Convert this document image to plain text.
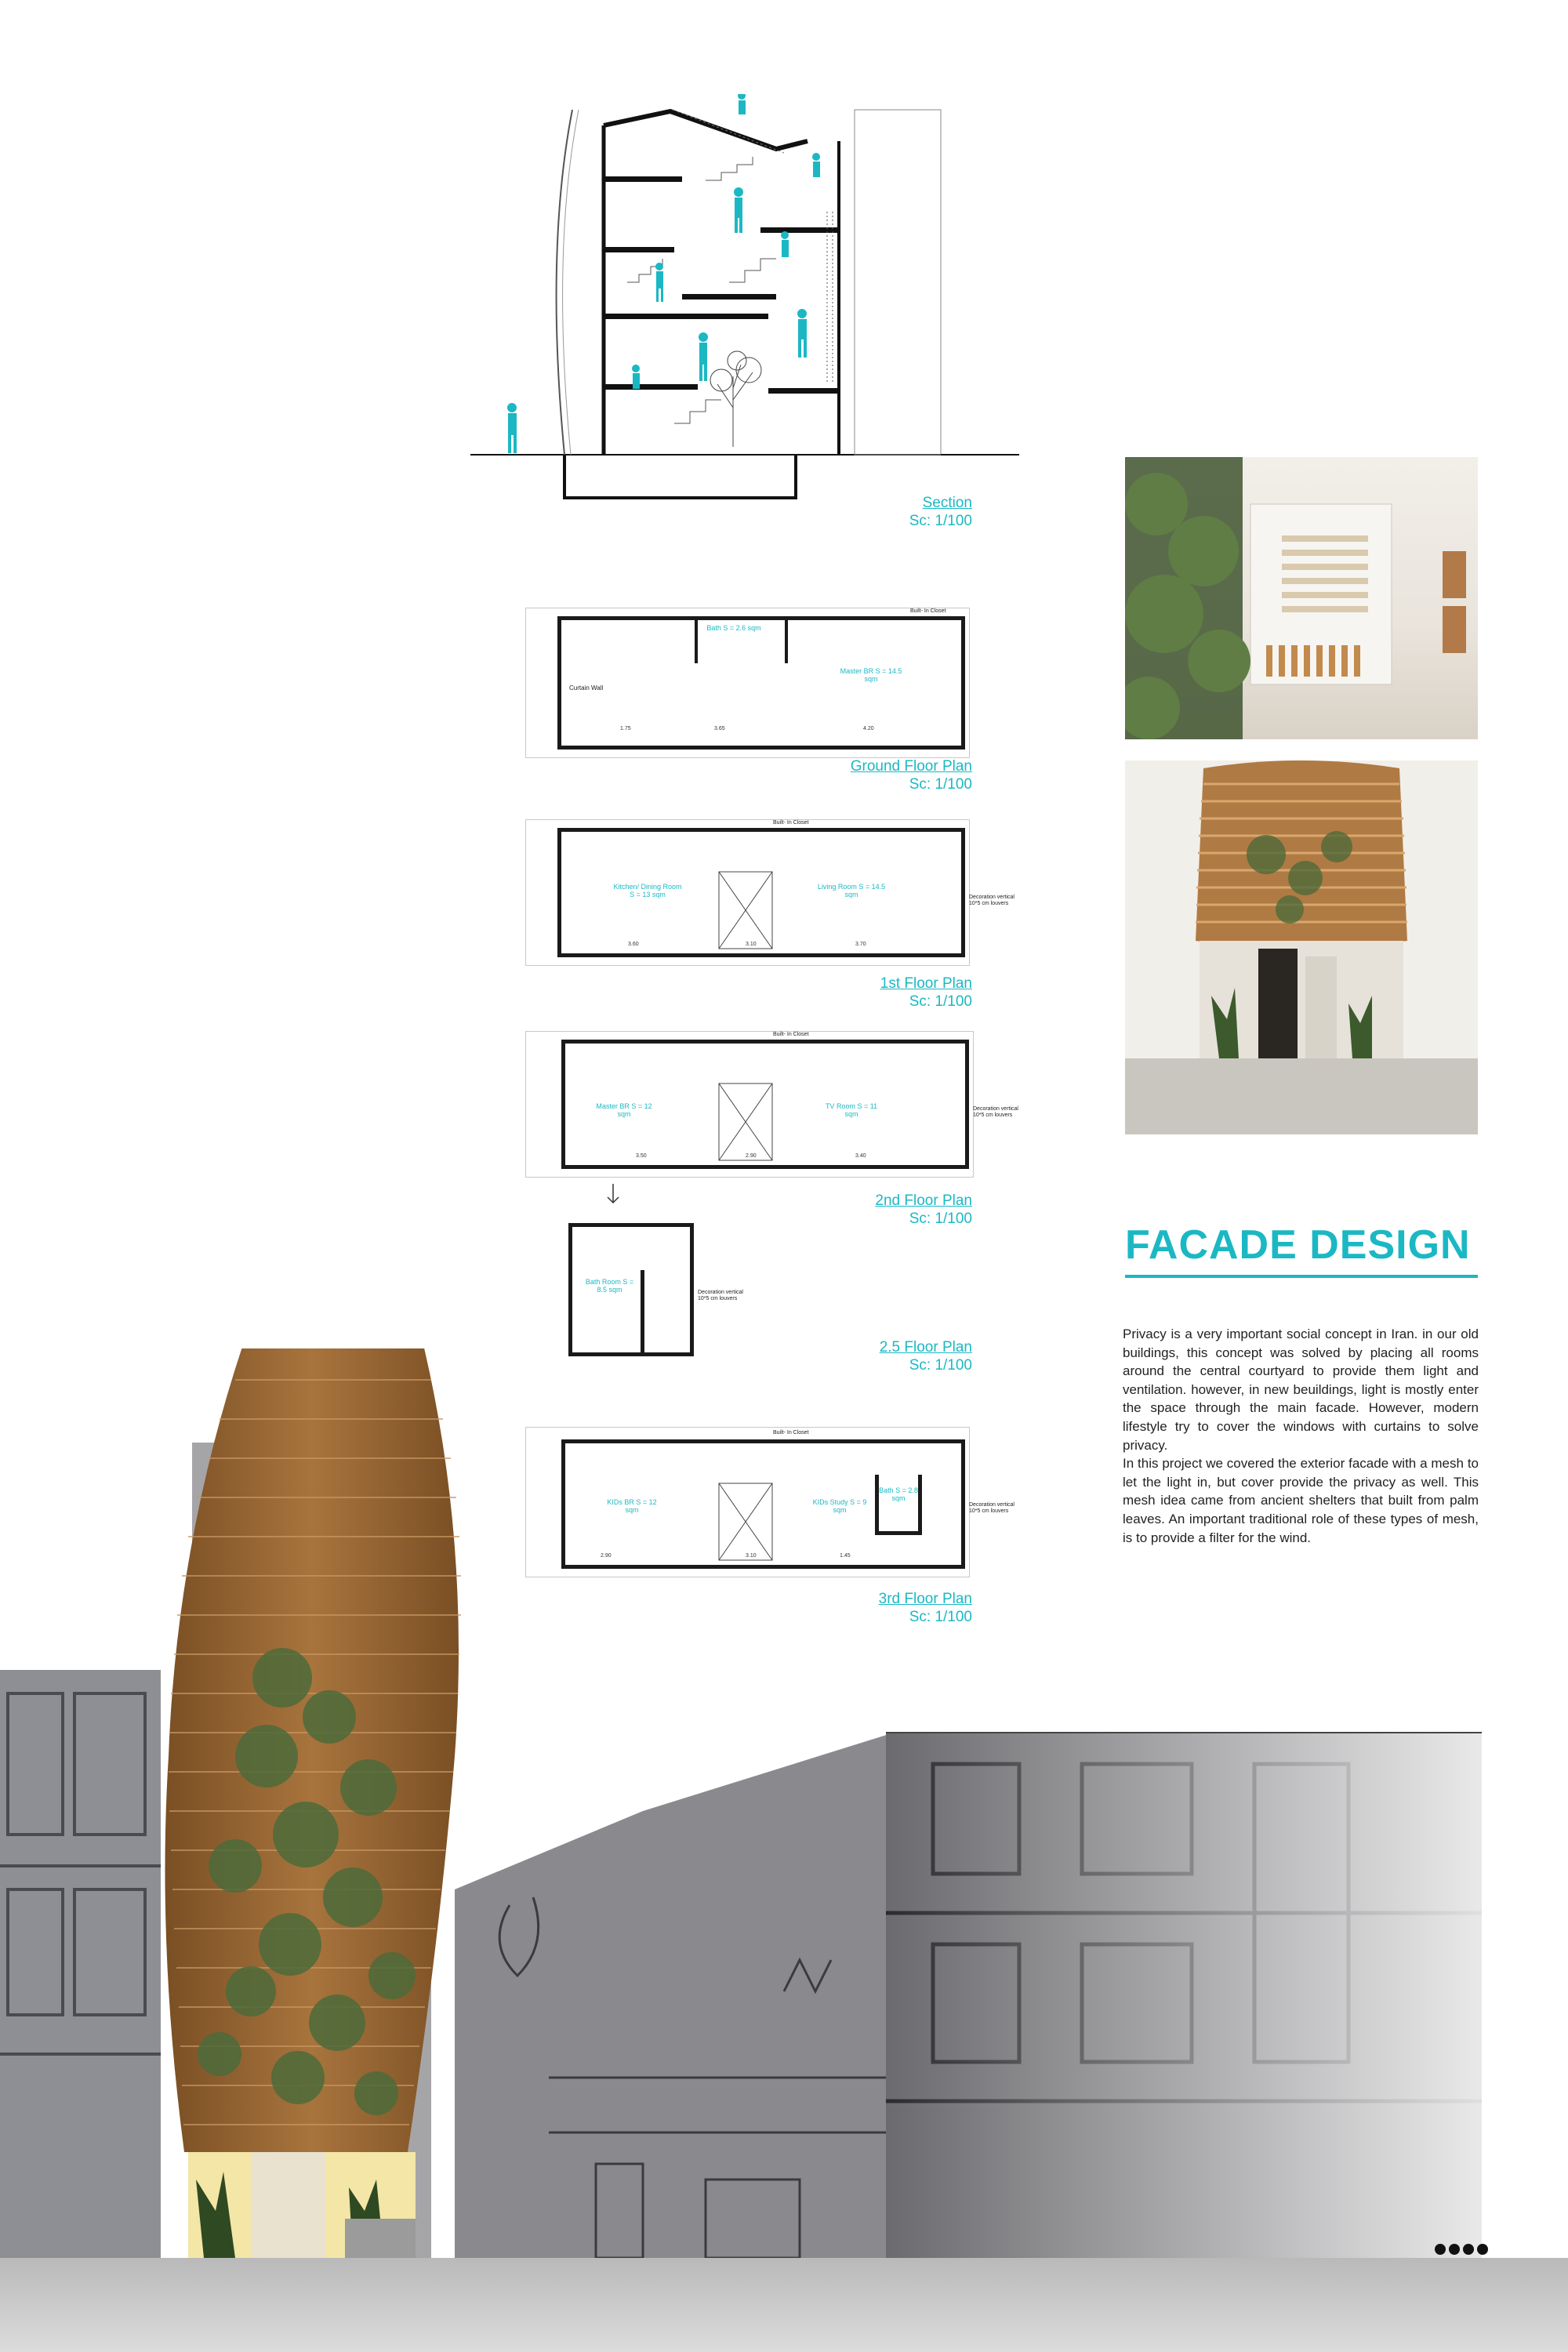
Section
Sc: 1/100
Built- In Closet
Bath S = 2.6 sqm
Master BR S = 14.5 sqm
Curtain Wall
1.75	3.65	4.20
Ground Floor Plan
Sc: 1/100
Built- In Closet
Kitchen/ Dining Room S = 13 sqm
Living Room S = 14.5 sqm	Decoration vertical 10*5 cm louvers
3.60	3.10	3.70
1st Floor Plan
Sc: 1/100
Built- In Closet
Master BR S = 12 sqm
TV Room S = 11 sqm
Decoration vertical 10*5 cm louvers
3.50	2.90	3.40
2nd Floor Plan
Sc: 1/100
Bath Room S = 8.5 sqm	Decoration vertical 10*5 cm louvers
2.5 Floor Plan
Sc: 1/100
Built- In Closet
KIDs BR S = 12 sqm
KIDs Study S = 9 sqm
Bath S = 2.8 sqm
Decoration vertical 10*5 cm louvers
2.90	3.10	1.45
3rd Floor Plan
Sc: 1/100
FACADE DESIGN

Privacy is a very important social concept in Iran. in our old buildings, this concept was solved by placing all rooms around the central courtyard to provide them light and ventilation. however, in new beuildings, light is mostly enter the space through the main facade. However, modern lifestyle try to cover the windows with curtains to solve privacy.

In this project we covered the exterior facade with a mesh to let the light in, but cover provide the privacy as well. This mesh idea came from ancient shelters that built from palm leaves. An important traditional role of these types of mesh, is to provide a filter for the wind.
